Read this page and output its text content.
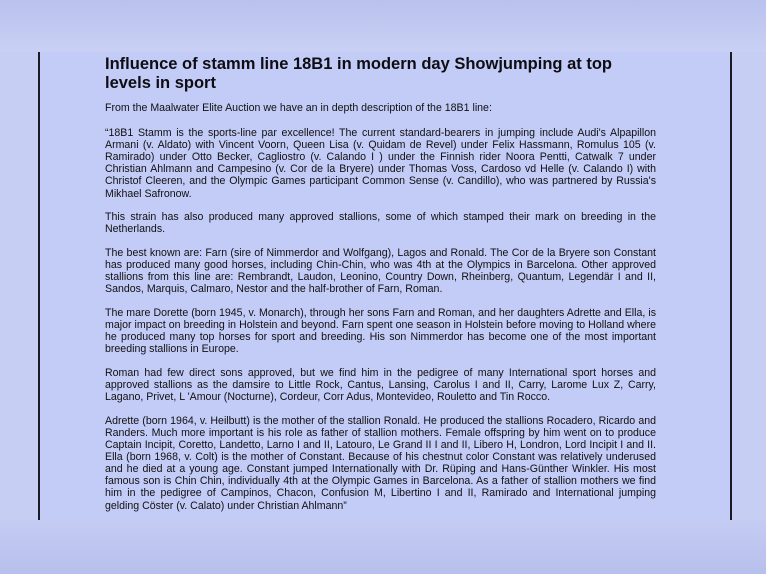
Influence of stamm line 18B1 in modern day Showjumping at top levels in sport

From the Maalwater Elite Auction we have an in depth description of the 18B1 line:

“18B1 Stamm is the sports-line par excellence! The current standard-bearers in jumping include Audi's Alpapillon Armani (v. Aldato) with Vincent Voorn, Queen Lisa (v. Quidam de Revel) under Felix Hassmann, Romulus 105 (v. Ramirado) under Otto Becker, Cagliostro (v. Calando I ) under the Finnish rider Noora Pentti, Catwalk 7 under Christian Ahlmann and Campesino (v. Cor de la Bryere) under Thomas Voss, Cardoso vd Helle (v. Calando I) with Christof Cleeren, and the Olympic Games participant Common Sense (v. Candillo), who was partnered by Russia's Mikhael Safronow.

This strain has also produced many approved stallions, some of which stamped their mark on breeding in the Netherlands.

The best known are: Farn (sire of Nimmerdor and Wolfgang), Lagos and Ronald. The Cor de la Bryere son Constant has produced many good horses, including Chin-Chin, who was 4th at the Olympics in Barcelona. Other approved stallions from this line are: Rembrandt, Laudon, Leonino, Country Down, Rheinberg, Quantum, Legendär I and II, Sandos, Marquis, Calmaro, Nestor and the half-brother of Farn, Roman.

The mare Dorette (born 1945, v. Monarch), through her sons Farn and Roman, and her daughters Adrette and Ella, is major impact on breeding in Holstein and beyond. Farn spent one season in Holstein before moving to Holland where he produced many top horses for sport and breeding. His son Nimmerdor has become one of the most important breeding stallions in Europe.

Roman had few direct sons approved, but we find him in the pedigree of many International sport horses and approved stallions as the damsire to Little Rock, Cantus, Lansing, Carolus I and II, Carry, Larome Lux Z, Carry, Lagano, Privet, L 'Amour (Nocturne), Cordeur, Corr Adus, Montevideo, Rouletto and Tin Rocco.

Adrette (born 1964, v. Heilbutt) is the mother of the stallion Ronald. He produced the stallions Rocadero, Ricardo and Randers. Much more important is his role as father of stallion mothers. Female offspring by him went on to produce Captain Incipit, Coretto, Landetto, Larno I and II, Latouro, Le Grand II I and II, Libero H, Londron, Lord Incipit I and II. Ella (born 1968, v. Colt) is the mother of Constant. Because of his chestnut color Constant was relatively underused and he died at a young age. Constant jumped Internationally with Dr. Rüping and Hans-Günther Winkler. His most famous son is Chin Chin, individually 4th at the Olympic Games in Barcelona. As a father of stallion mothers we find him in the pedigree of Campinos, Chacon, Confusion M, Libertino I and II, Ramirado and International jumping gelding Cöster (v. Calato) under Christian Ahlmann”
